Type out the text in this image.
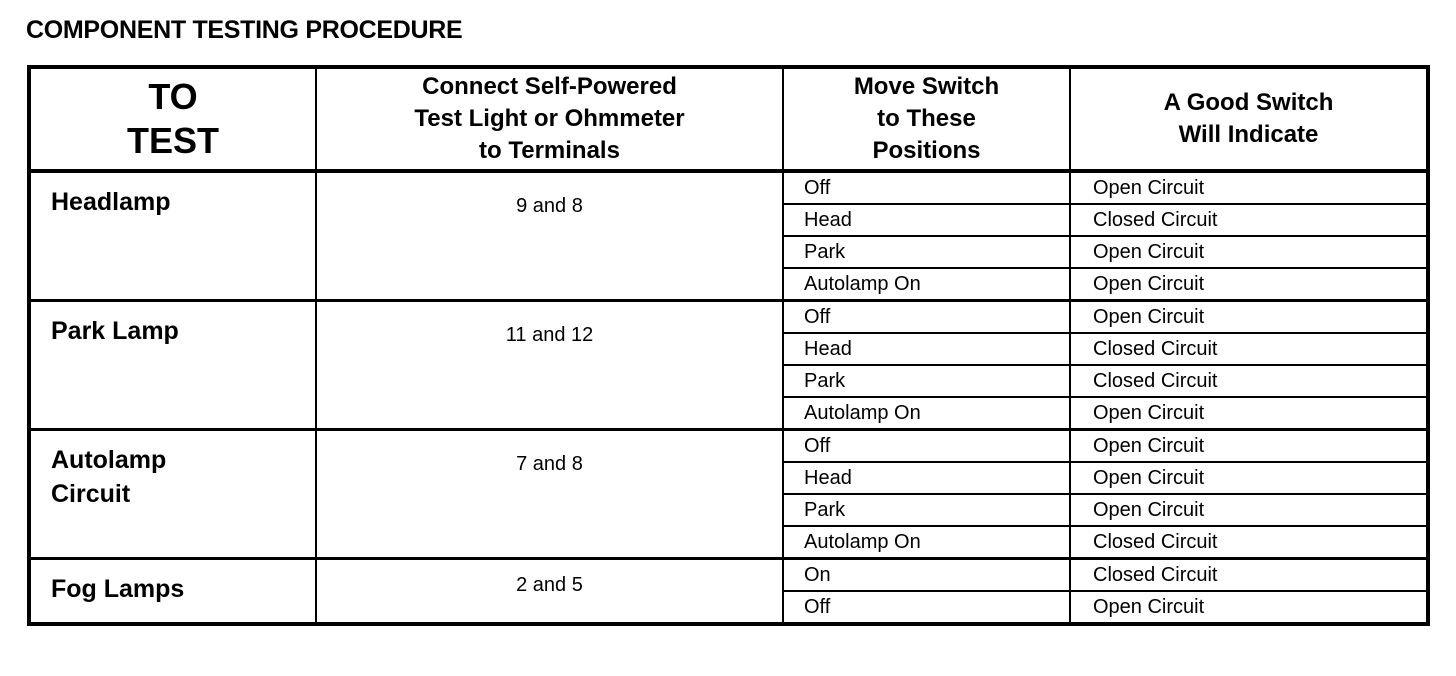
COMPONENT TESTING PROCEDURE
TO
TEST	Connect Self-Powered
Test Light or Ohmmeter
to Terminals	Move Switch
to These
Positions	A Good Switch
Will Indicate
Headlamp	9 and 8	Off	Open Circuit
		Head	Closed Circuit
		Park	Open Circuit
		Autolamp On	Open Circuit
Park Lamp	11 and 12	Off	Open Circuit
		Head	Closed Circuit
		Park	Closed Circuit
		Autolamp On	Open Circuit
Autolamp
Circuit	7 and 8	Off	Open Circuit
		Head	Open Circuit
		Park	Open Circuit
		Autolamp On	Closed Circuit
Fog Lamps	2 and 5	On	Closed Circuit
		Off	Open Circuit
